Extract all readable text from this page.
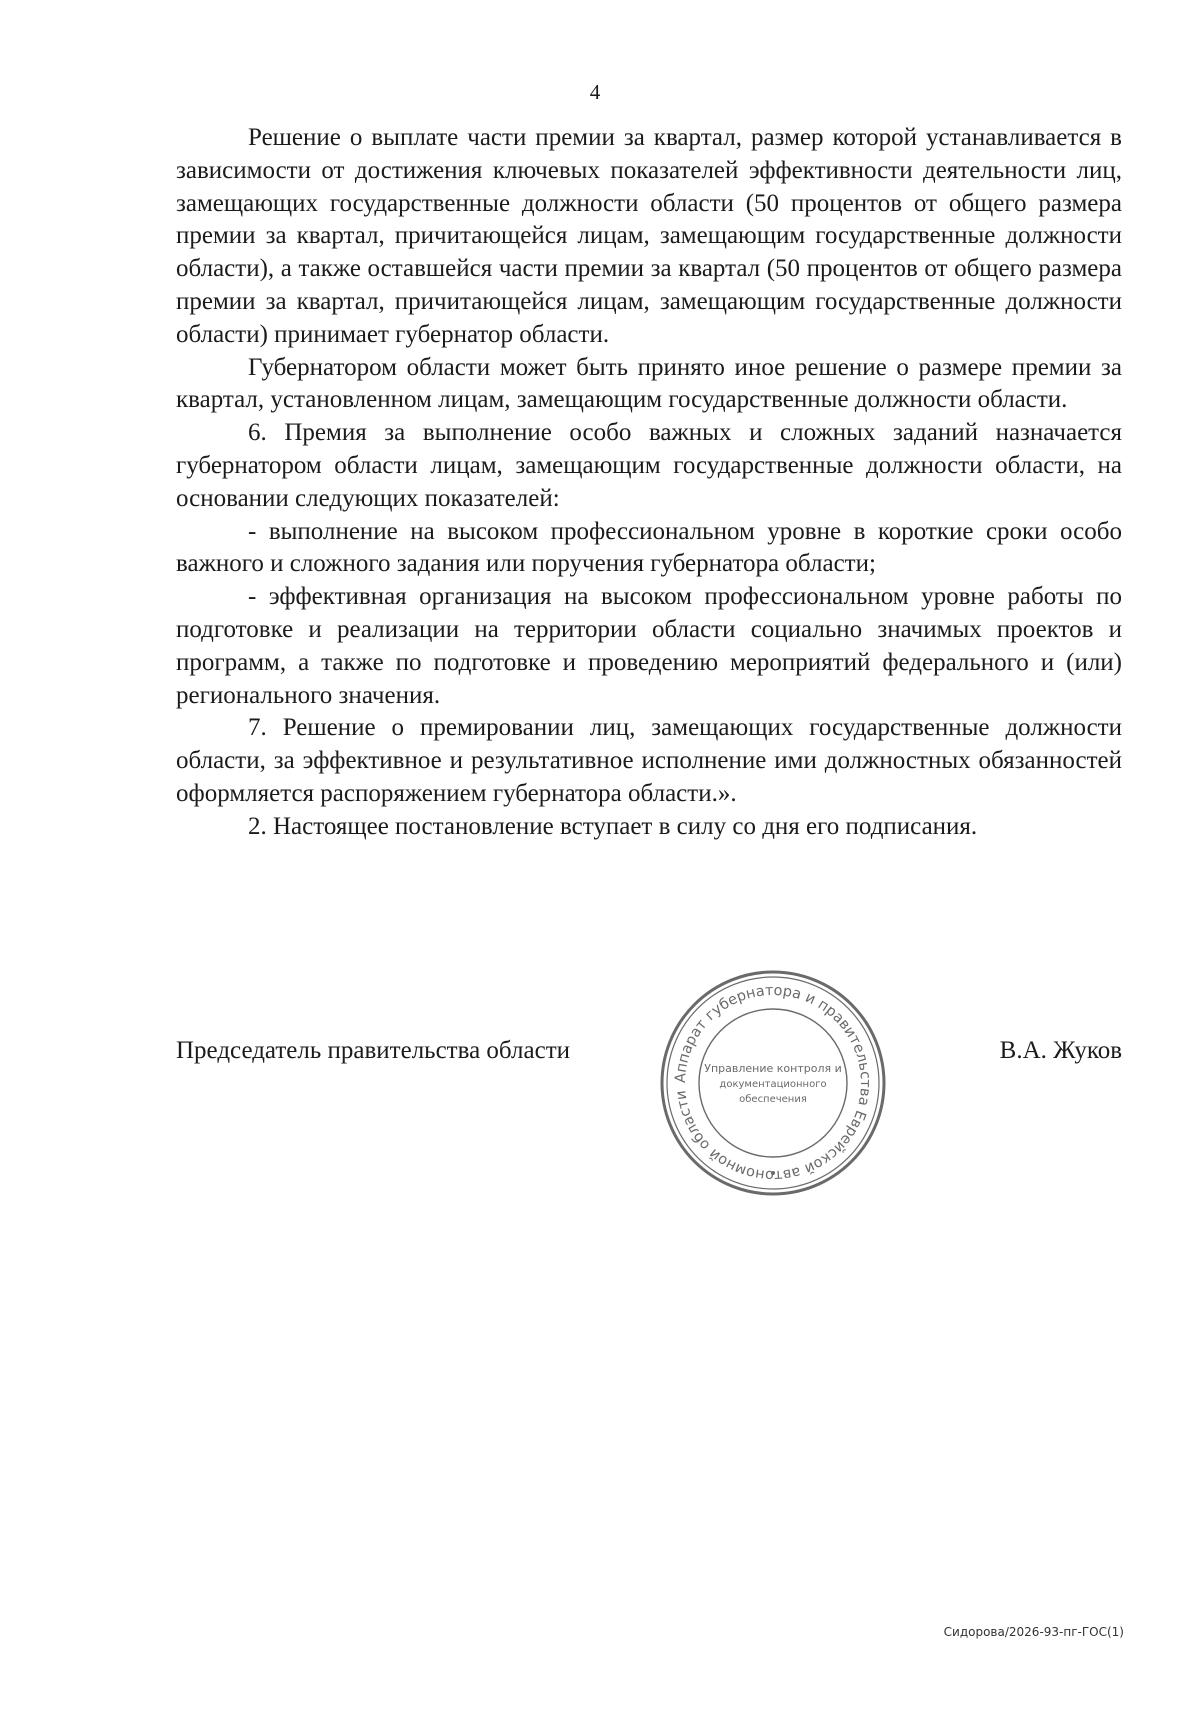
4

Решение о выплате части премии за квартал, размер которой устанавливается в зависимости от достижения ключевых показателей эффективности деятельности лиц, замещающих государственные должности области (50 процентов от общего размера премии за квартал, причитающейся лицам, замещающим государственные должности области), а также оставшейся части премии за квартал (50 процентов от общего размера премии за квартал, причитающейся лицам, замещающим государственные должности области) принимает губернатор области.

Губернатором области может быть принято иное решение о размере премии за квартал, установленном лицам, замещающим государственные должности области.

6. Премия за выполнение особо важных и сложных заданий назначается губернатором области лицам, замещающим государственные должности области, на основании следующих показателей:

- выполнение на высоком профессиональном уровне в короткие сроки особо важного и сложного задания или поручения губернатора области;

- эффективная организация на высоком профессиональном уровне работы по подготовке и реализации на территории области социально значимых проектов и программ, а также по подготовке и проведению мероприятий федерального и (или) регионального значения.

7. Решение о премировании лиц, замещающих государственные должности области, за эффективное и результативное исполнение ими должностных обязанностей оформляется распоряжением губернатора области.».

2. Настоящее постановление вступает в силу со дня его подписания.

Председатель правительства области	В.А. Жуков
Аппарат губернатора и правительства Еврейской автономной области
Управление контроля и
документационного
обеспечения
Сидорова/2026-93-пг-ГОС(1)
